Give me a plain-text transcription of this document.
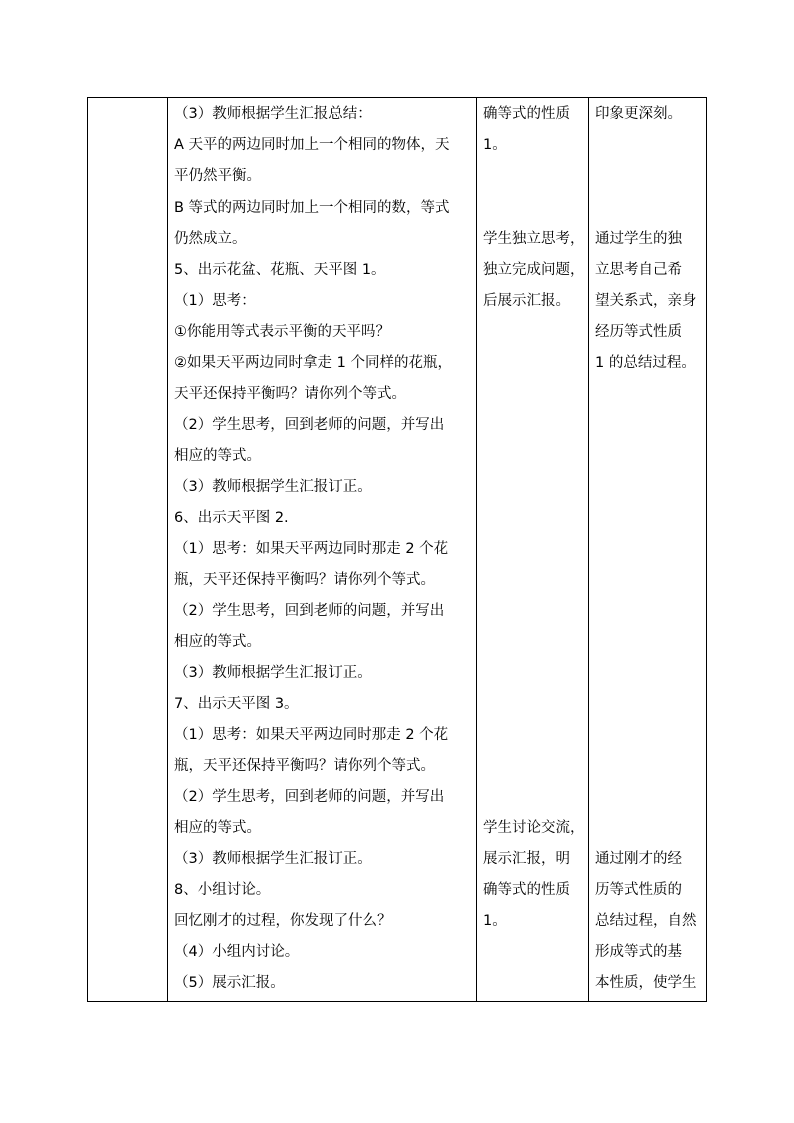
（3）教师根据学生汇报总结：
A 天平的两边同时加上一个相同的物体，天
平仍然平衡。
B 等式的两边同时加上一个相同的数，等式
仍然成立。
5、出示花盆、花瓶、天平图 1。
（1）思考：
①你能用等式表示平衡的天平吗？
②如果天平两边同时拿走 1 个同样的花瓶，
天平还保持平衡吗？请你列个等式。
（2）学生思考，回到老师的问题，并写出
相应的等式。
（3）教师根据学生汇报订正。
6、出示天平图 2.
（1）思考：如果天平两边同时那走 2 个花
瓶，天平还保持平衡吗？请你列个等式。
（2）学生思考，回到老师的问题，并写出
相应的等式。
（3）教师根据学生汇报订正。
7、出示天平图 3。
（1）思考：如果天平两边同时那走 2 个花
瓶，天平还保持平衡吗？请你列个等式。
（2）学生思考，回到老师的问题，并写出
相应的等式。
（3）教师根据学生汇报订正。
8、小组讨论。
回忆刚才的过程，你发现了什么？
（4）小组内讨论。
（5）展示汇报。
确等式的性质
1。
学生独立思考，
独立完成问题，
后展示汇报。
学生讨论交流，
展示汇报，明
确等式的性质
1。
印象更深刻。
通过学生的独
立思考自己希
望关系式，亲身
经历等式性质
1 的总结过程。
通过刚才的经
历等式性质的
总结过程，自然
形成等式的基
本性质，使学生
